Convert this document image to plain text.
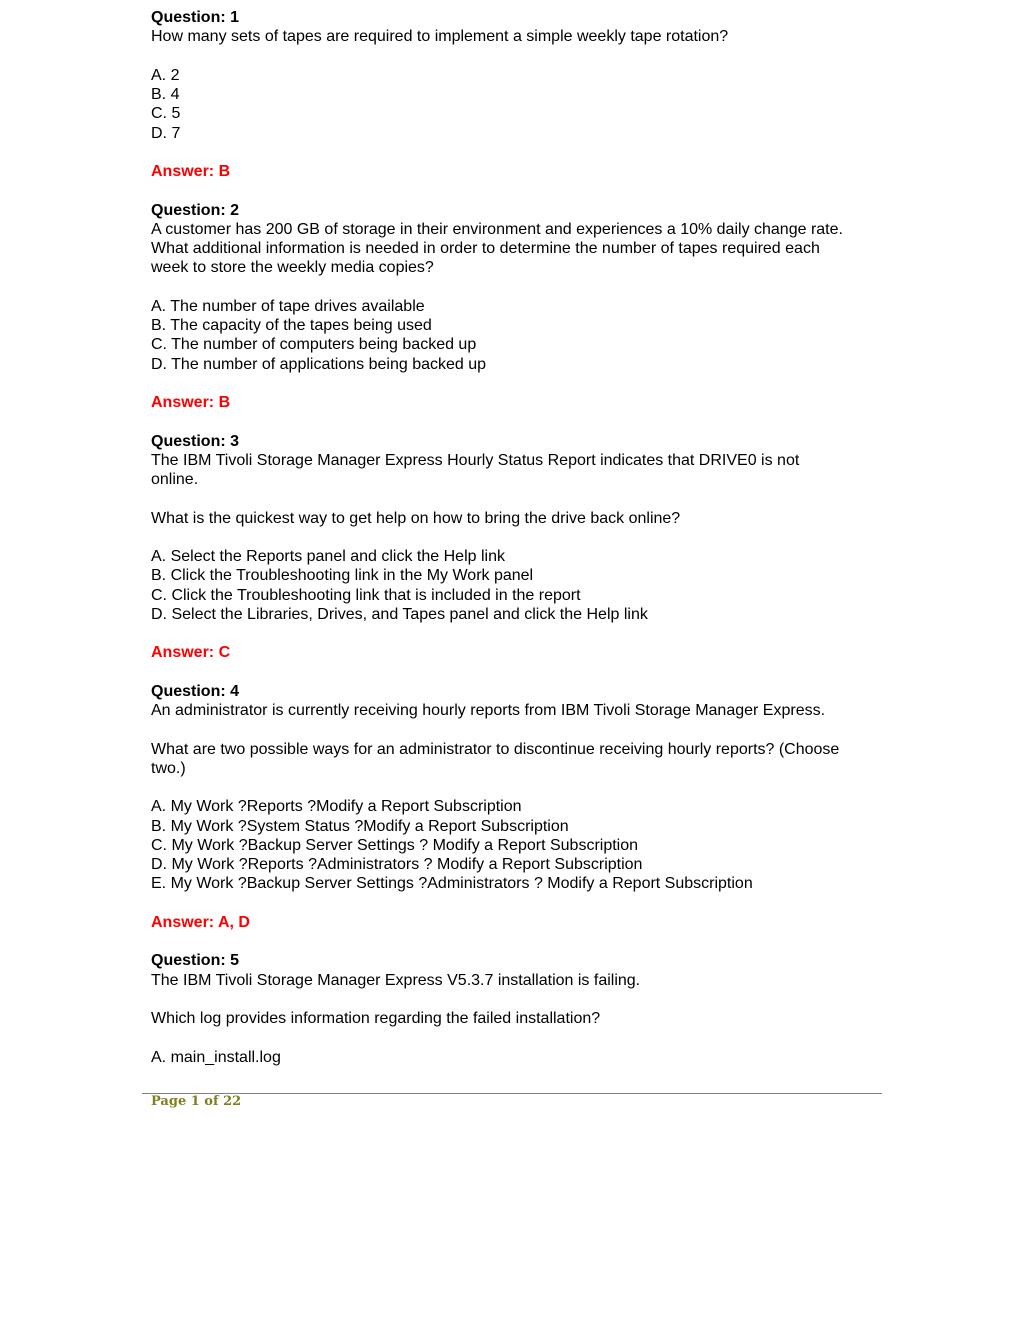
Question: 1
How many sets of tapes are required to implement a simple weekly tape rotation?
A. 2
B. 4
C. 5
D. 7
Answer: B
Question: 2
A customer has 200 GB of storage in their environment and experiences a 10% daily change rate. What additional information is needed in order to determine the number of tapes required each week to store the weekly media copies?
A. The number of tape drives available
B. The capacity of the tapes being used
C. The number of computers being backed up
D. The number of applications being backed up
Answer: B
Question: 3
The IBM Tivoli Storage Manager Express Hourly Status Report indicates that DRIVE0 is not online.
What is the quickest way to get help on how to bring the drive back online?
A. Select the Reports panel and click the Help link
B. Click the Troubleshooting link in the My Work panel
C. Click the Troubleshooting link that is included in the report
D. Select the Libraries, Drives, and Tapes panel and click the Help link
Answer: C
Question: 4
An administrator is currently receiving hourly reports from IBM Tivoli Storage Manager Express.
What are two possible ways for an administrator to discontinue receiving hourly reports? (Choose two.)
A. My Work ?Reports ?Modify a Report Subscription
B. My Work ?System Status ?Modify a Report Subscription
C. My Work ?Backup Server Settings ? Modify a Report Subscription
D. My Work ?Reports ?Administrators ? Modify a Report Subscription
E. My Work ?Backup Server Settings ?Administrators ? Modify a Report Subscription
Answer: A, D
Question: 5
The IBM Tivoli Storage Manager Express V5.3.7 installation is failing.
Which log provides information regarding the failed installation?
A. main_install.log
Page 1 of 22
